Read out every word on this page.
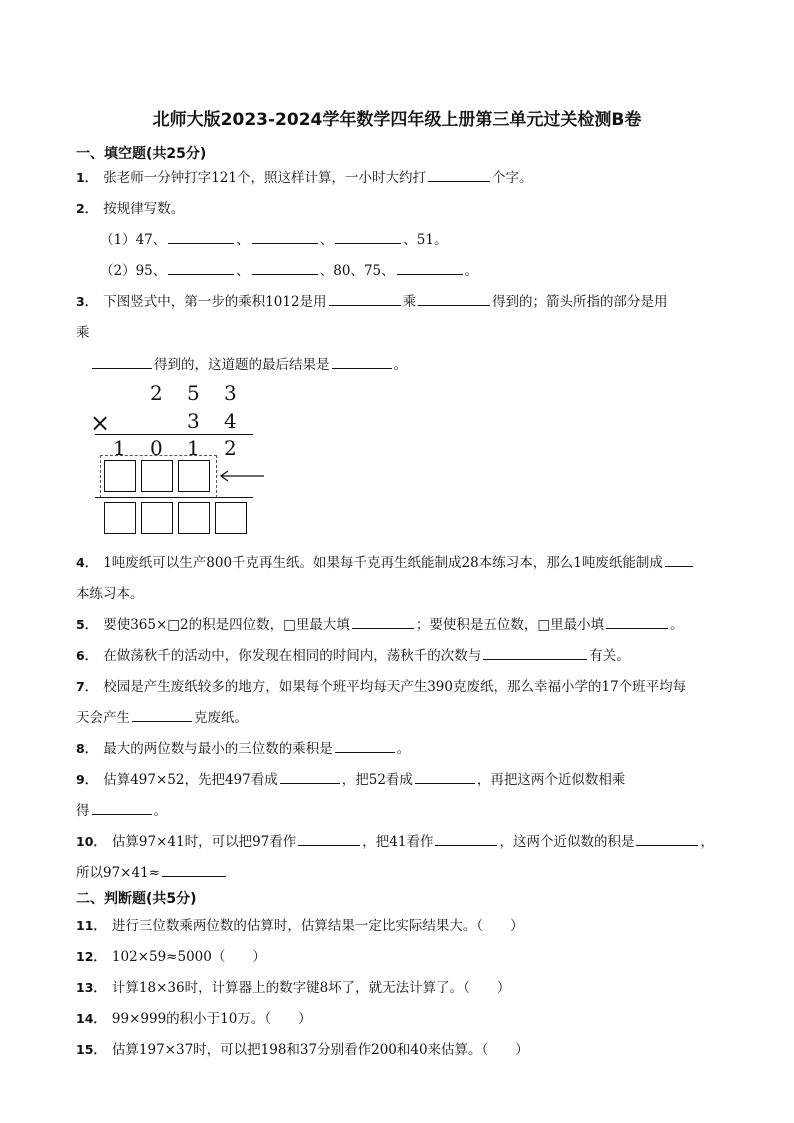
北师大版2023-2024学年数学四年级上册第三单元过关检测B卷
一、填空题(共25分)
1． 张老师一分钟打字121个，照这样计算，一小时大约打	个字。
2． 按规律写数。
（1）47、	、	、	、51。
（2）95、	、	、80、75、	。
3． 下图竖式中，第一步的乘积1012是用	乘	得到的；箭头所指的部分是用
乘
得到的，这道题的最后结果是	。
2 5 3
×	3 4
1 0 1 2
4． 1吨废纸可以生产800千克再生纸。如果每千克再生纸能制成28本练习本，那么1吨废纸能制成
本练习本。
5． 要使365×□2的积是四位数，□里最大填	；要使积是五位数，□里最小填	。
6． 在做荡秋千的活动中，你发现在相同的时间内，荡秋千的次数与	有关。
7． 校园是产生废纸较多的地方，如果每个班平均每天产生390克废纸，那么幸福小学的17个班平均每
天会产生	克废纸。
8． 最大的两位数与最小的三位数的乘积是	。
9． 估算497×52，先把497看成	，把52看成	，再把这两个近似数相乘
得	。
10． 估算97×41时，可以把97看作	，把41看作	，这两个近似数的积是	，
所以97×41≈
二、判断题(共5分)
11． 进行三位数乘两位数的估算时，估算结果一定比实际结果大。（　　）
12． 102×59≈5000（　　）
13． 计算18×36时，计算器上的数字键8坏了，就无法计算了。（　　）
14． 99×999的积小于10万。（　　）
15． 估算197×37时，可以把198和37分别看作200和40来估算。（　　）
